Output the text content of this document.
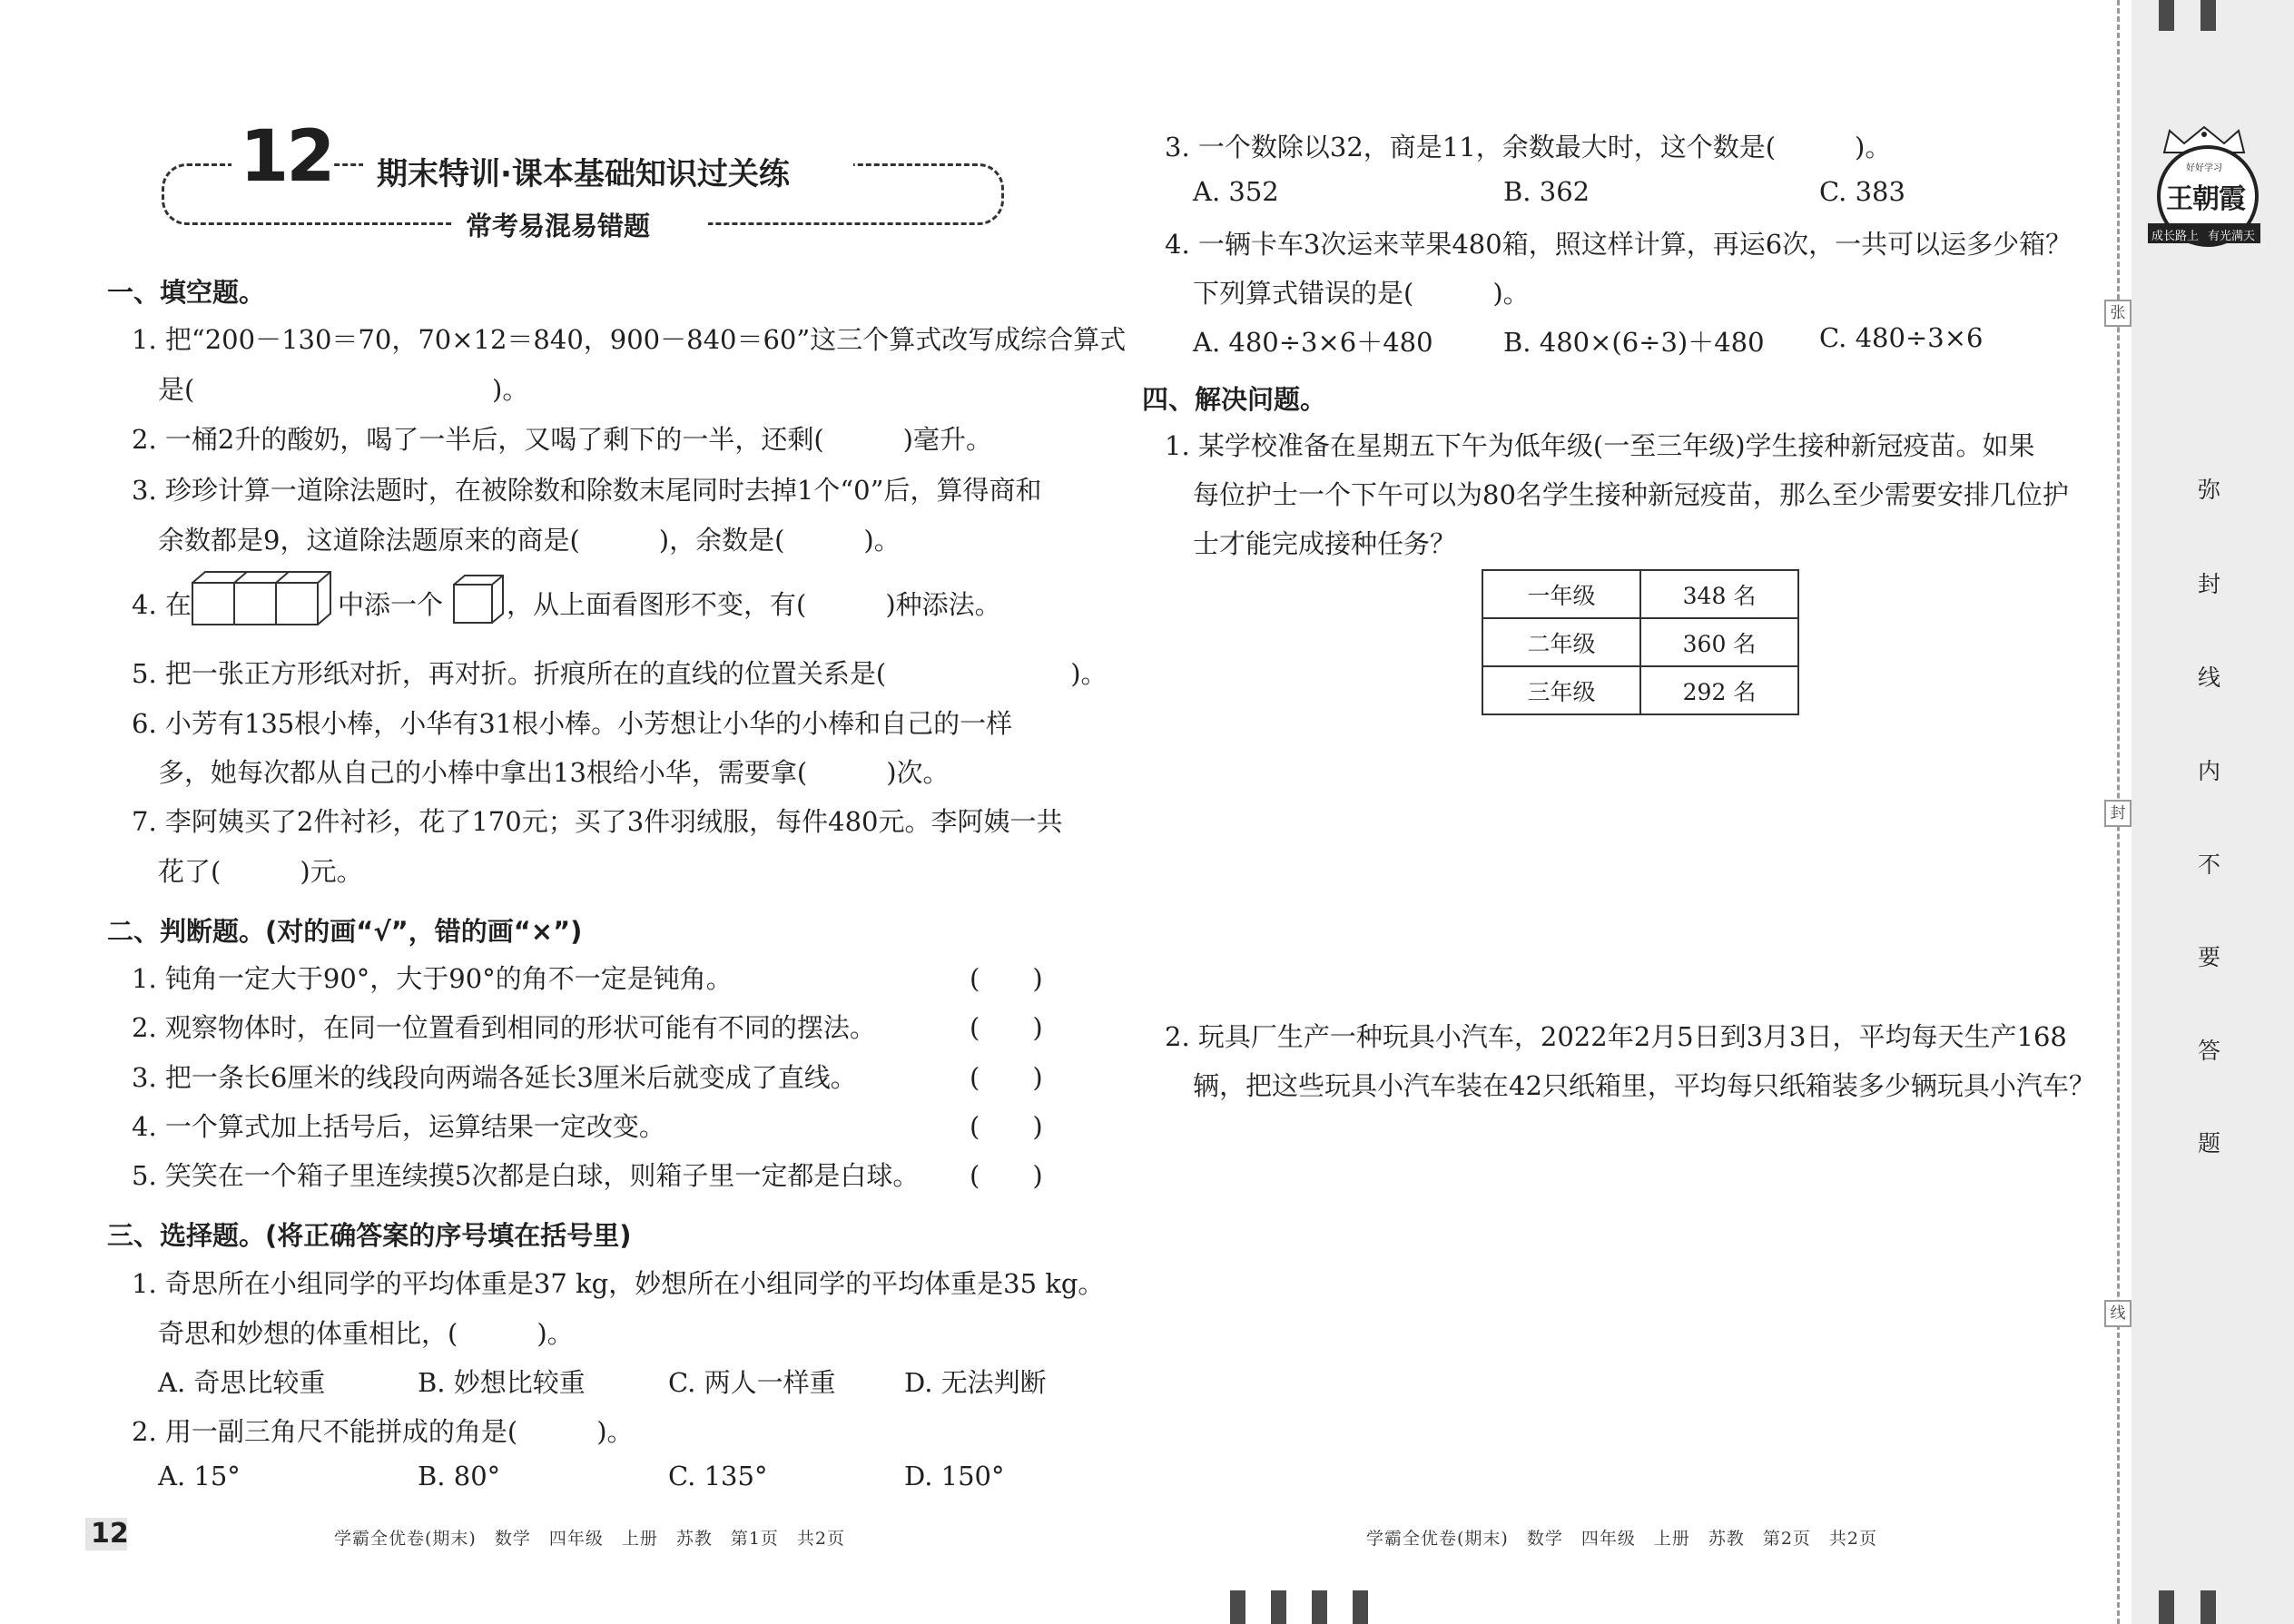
12 期末特训·课本基础知识过关练
常考易混易错题
一、填空题。
1. 把“200－130＝70，70×12＝840，900－840＝60”这三个算式改写成综合算式
是(	)。
2. 一桶2升的酸奶，喝了一半后，又喝了剩下的一半，还剩(　　　)毫升。
3. 珍珍计算一道除法题时，在被除数和除数末尾同时去掉1个“0”后，算得商和
余数都是9，这道除法题原来的商是(　　　)，余数是(　　　)。
4. 在	中添一个 ，从上面看图形不变，有(　　　)种添法。
5. 把一张正方形纸对折，再对折。折痕所在的直线的位置关系是(　　　　　　　)。
6. 小芳有135根小棒，小华有31根小棒。小芳想让小华的小棒和自己的一样
多，她每次都从自己的小棒中拿出13根给小华，需要拿(　　　)次。
7. 李阿姨买了2件衬衫，花了170元；买了3件羽绒服，每件480元。李阿姨一共
花了(　　　)元。
二、判断题。(对的画“√”，错的画“×”)
1. 钝角一定大于90°，大于90°的角不一定是钝角。	(　　)
2. 观察物体时，在同一位置看到相同的形状可能有不同的摆法。	(　　)
3. 把一条长6厘米的线段向两端各延长3厘米后就变成了直线。	(　　)
4. 一个算式加上括号后，运算结果一定改变。	(　　)
5. 笑笑在一个箱子里连续摸5次都是白球，则箱子里一定都是白球。 (　　)
三、选择题。(将正确答案的序号填在括号里)
1. 奇思所在小组同学的平均体重是37 kg，妙想所在小组同学的平均体重是35 kg。
奇思和妙想的体重相比，(　　　)。
A. 奇思比较重	B. 妙想比较重	C. 两人一样重	D. 无法判断
2. 用一副三角尺不能拼成的角是(　　　)。
A. 15°	B. 80°	C. 135°	D. 150°
12	学霸全优卷(期末)　数学　四年级　上册　苏教　第1页　共2页
3. 一个数除以32，商是11，余数最大时，这个数是(　　　)。
A. 352	B. 362	C. 383
4. 一辆卡车3次运来苹果480箱，照这样计算，再运6次，一共可以运多少箱？
下列算式错误的是(　　　)。
A. 480÷3×6＋480	B. 480×(6÷3)＋480 C. 480÷3×6
四、解决问题。
1. 某学校准备在星期五下午为低年级(一至三年级)学生接种新冠疫苗。如果
每位护士一个下午可以为80名学生接种新冠疫苗，那么至少需要安排几位护
士才能完成接种任务？
一年级	348 名
二年级	360 名
三年级	292 名
2. 玩具厂生产一种玩具小汽车，2022年2月5日到3月3日，平均每天生产168
辆，把这些玩具小汽车装在42只纸箱里，平均每只纸箱装多少辆玩具小汽车？
学霸全优卷(期末)　数学　四年级　上册　苏教　第2页　共2页
好好学习
王朝霞
成长路上 有光满天
张
封
线
弥
封
线
内
不
要
答
题
